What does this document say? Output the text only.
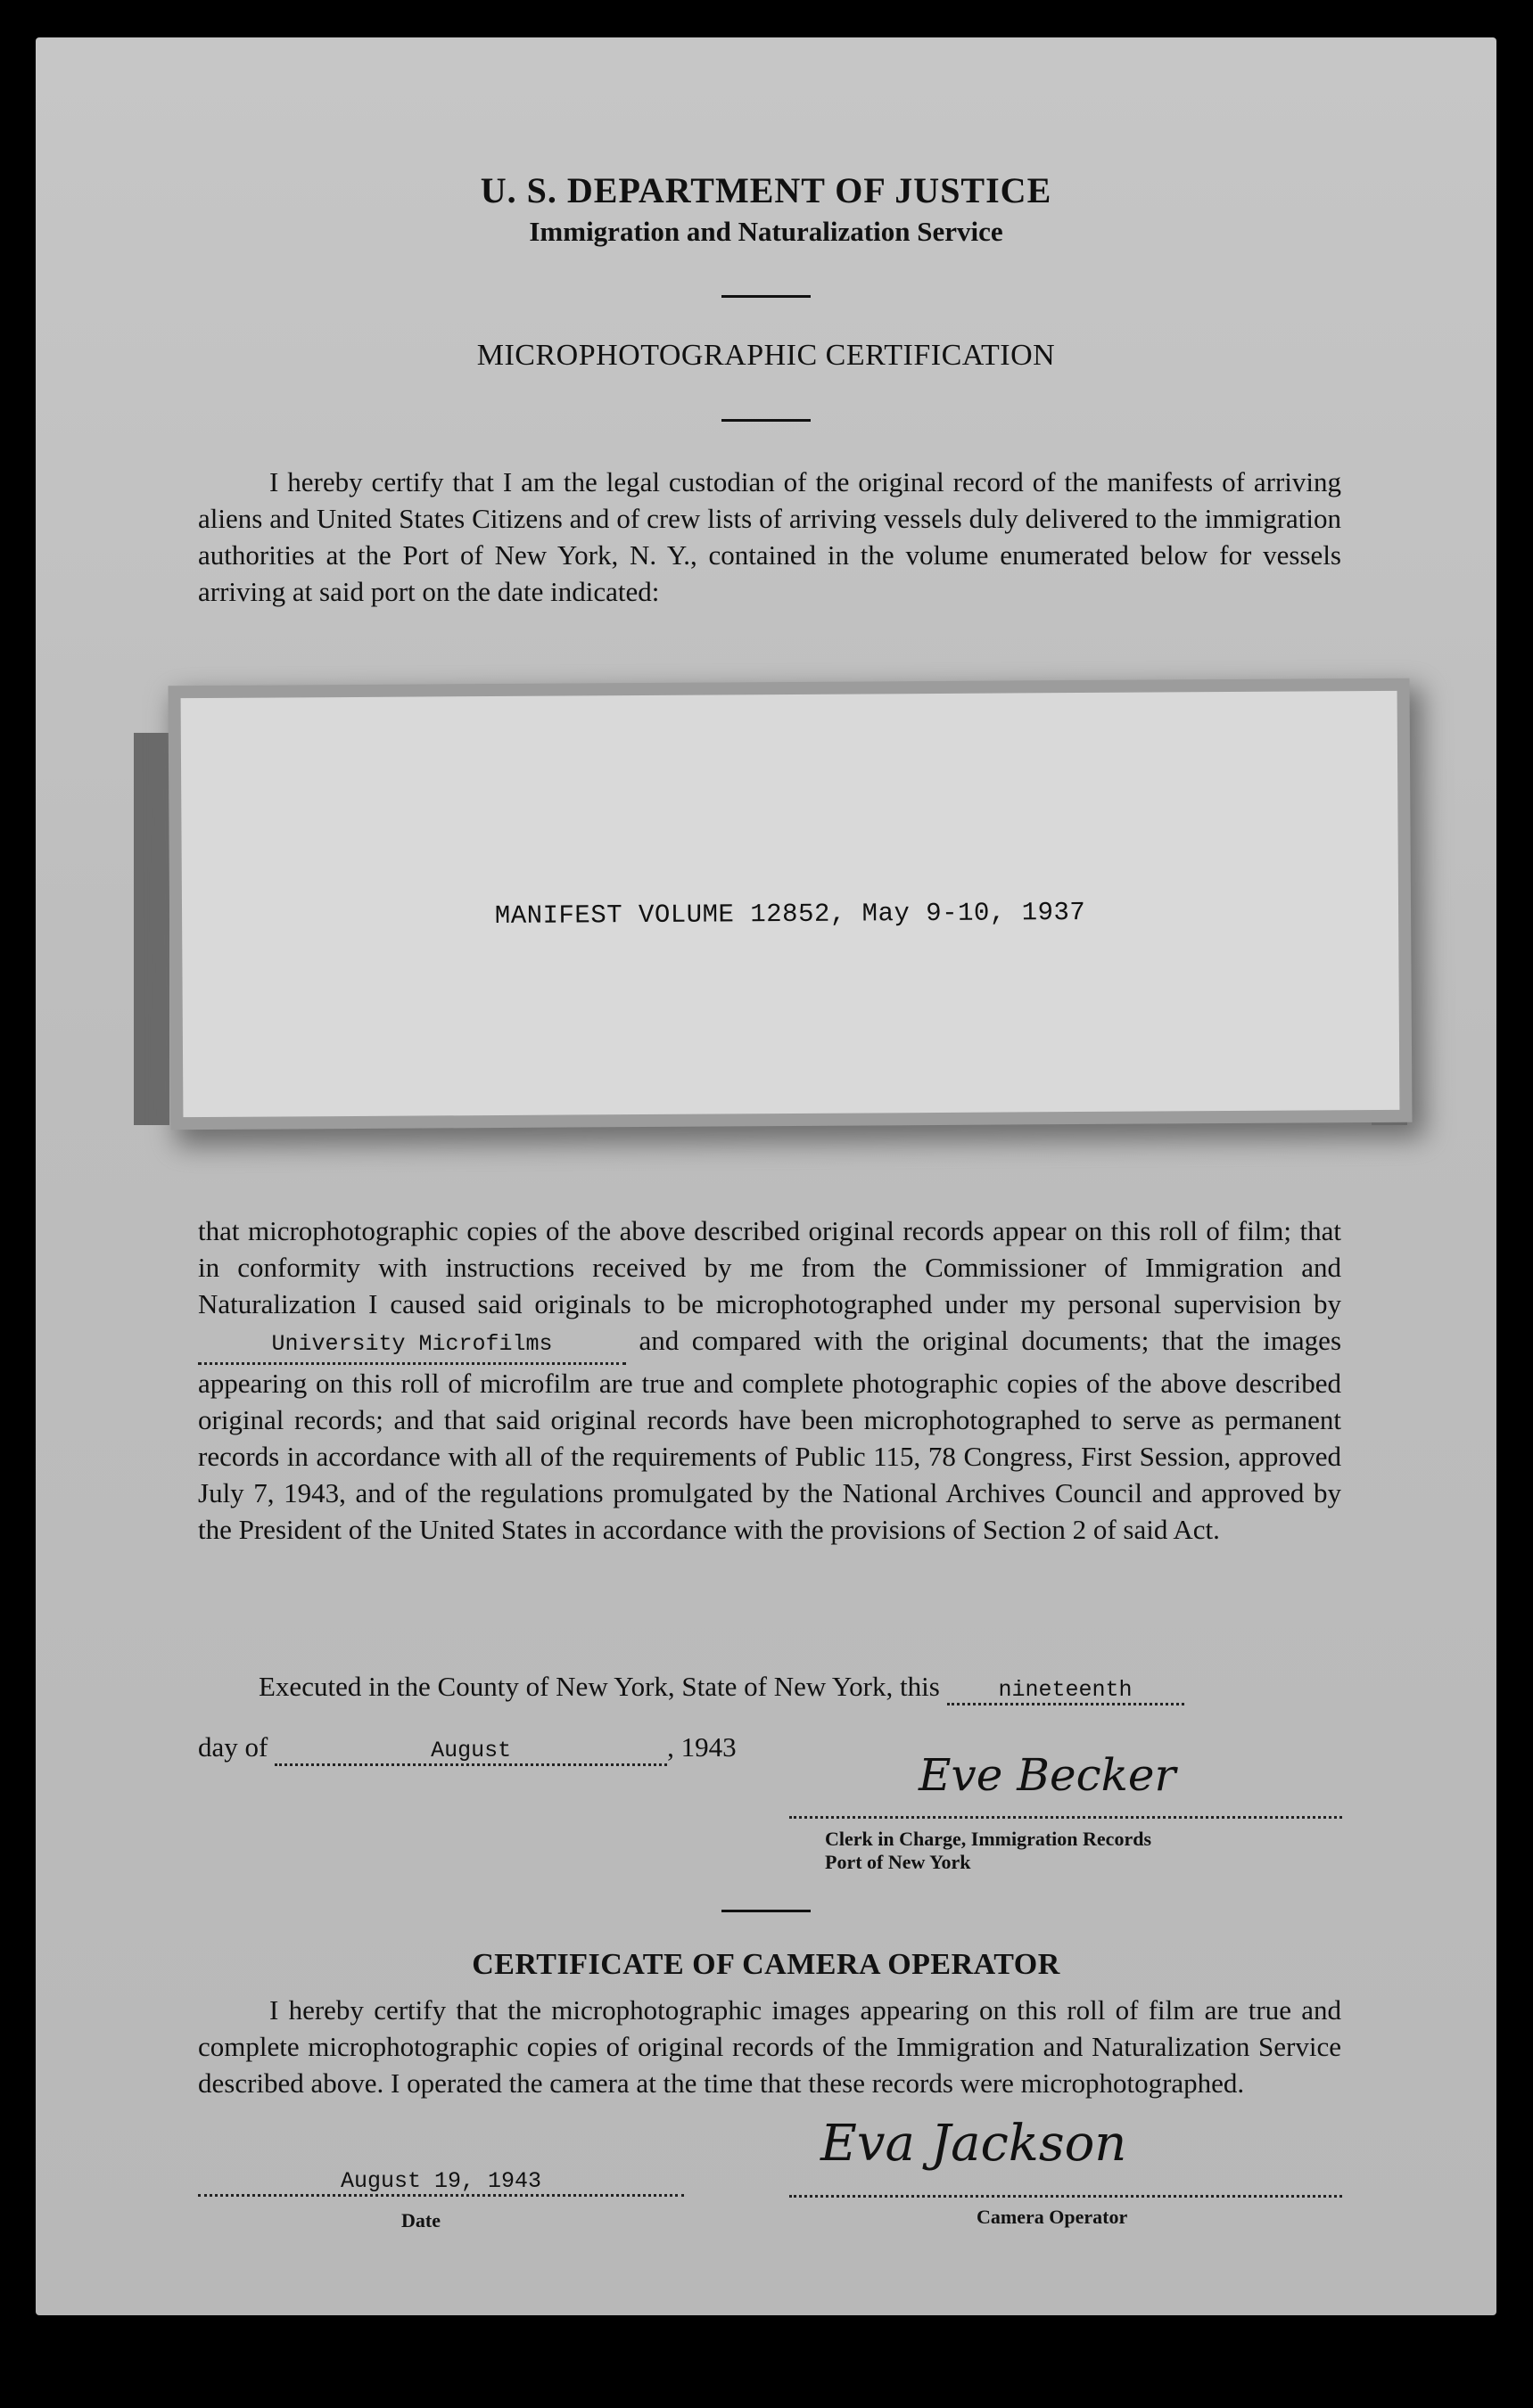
U. S. DEPARTMENT OF JUSTICE
Immigration and Naturalization Service
MICROPHOTOGRAPHIC CERTIFICATION
I hereby certify that I am the legal custodian of the original record of the manifests of arriving aliens and United States Citizens and of crew lists of arriving vessels duly delivered to the immigration authorities at the Port of New York, N. Y., contained in the volume enumerated below for vessels arriving at said port on the date indicated:
MANIFEST VOLUME 12852, May 9-10, 1937
that microphotographic copies of the above described original records appear on this roll of film; that in conformity with instructions received by me from the Commissioner of Immigration and Naturalization I caused said originals to be microphotographed under my personal supervision by University Microfilms	and compared with the original documents; that the images appearing on this roll of microfilm are true and complete photographic copies of the above described original records; and that said original records have been microphotographed to serve as permanent records in accordance with all of the requirements of Public 115, 78 Congress, First Session, approved July 7, 1943, and of the regulations promulgated by the National Archives Council and approved by the President of the United States in accordance with the provisions of Section 2 of said Act.
Executed in the County of New York, State of New York, this	nineteenth
day of	August	, 1943
Eve Becker
Clerk in Charge, Immigration Records
Port of New York
CERTIFICATE OF CAMERA OPERATOR
I hereby certify that the microphotographic images appearing on this roll of film are true and complete microphotographic copies of original records of the Immigration and Naturalization Service described above. I operated the camera at the time that these records were microphotographed.
August 19, 1943
Date
Eva Jackson
Camera Operator
